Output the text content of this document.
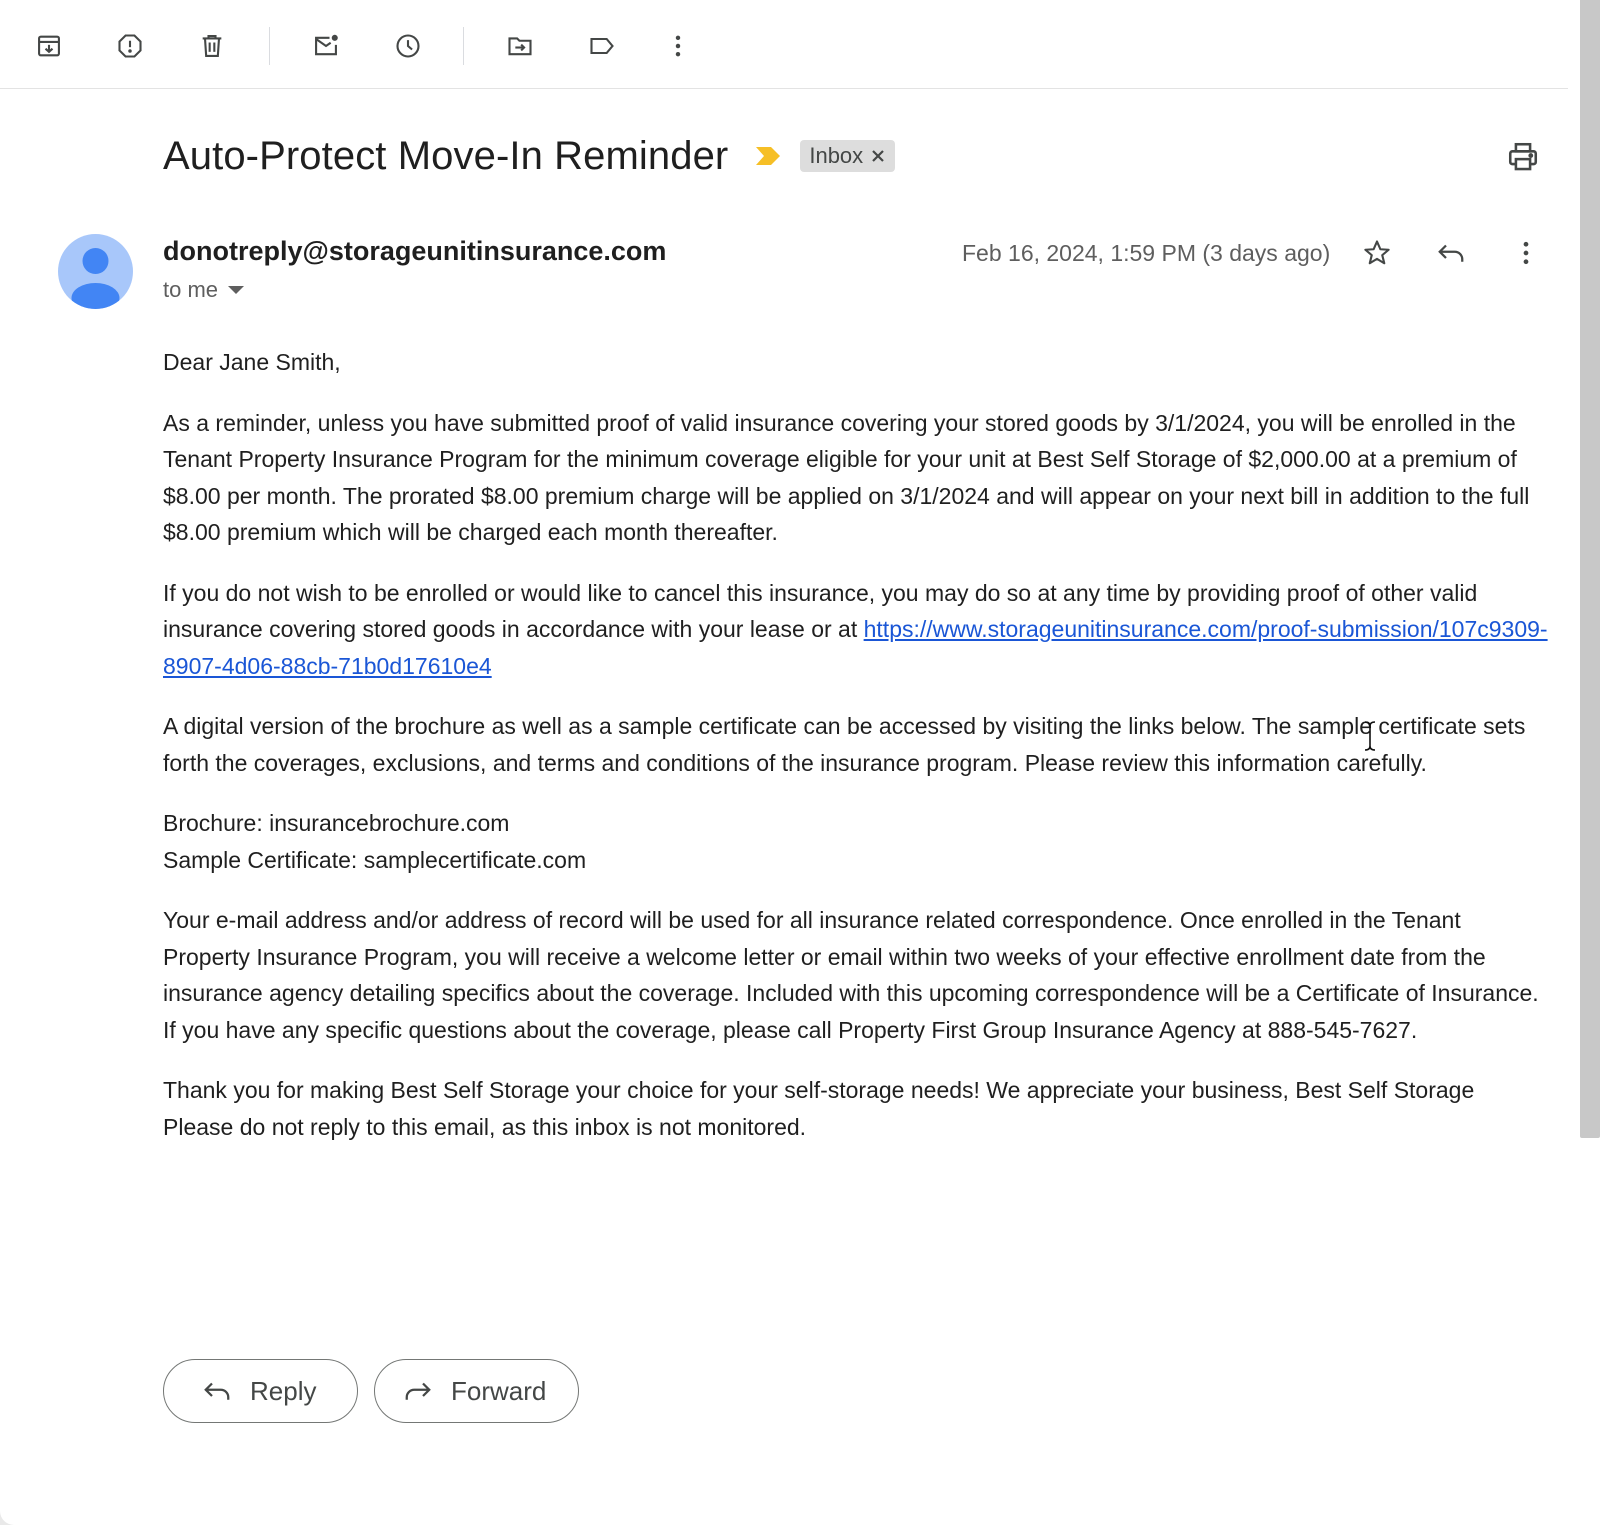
Auto-Protect Move-In Reminder	Inbox
donotreply@storageunitinsurance.com
to me
Feb 16, 2024, 1:59 PM (3 days ago)

Dear Jane Smith,

As a reminder, unless you have submitted proof of valid insurance covering your stored goods by 3/1/2024, you will be enrolled in the Tenant Property Insurance Program for the minimum coverage eligible for your unit at Best Self Storage of $2,000.00 at a premium of $8.00 per month. The prorated $8.00 premium charge will be applied on 3/1/2024 and will appear on your next bill in addition to the full $8.00 premium which will be charged each month thereafter.

If you do not wish to be enrolled or would like to cancel this insurance, you may do so at any time by providing proof of other valid insurance covering stored goods in accordance with your lease or at https://www.storageunitinsurance.com/proof-submission/107c9309-8907-4d06-88cb-71b0d17610e4

A digital version of the brochure as well as a sample certificate can be accessed by visiting the links below. The sample certificate sets forth the coverages, exclusions, and terms and conditions of the insurance program. Please review this information carefully.

Brochure: insurancebrochure.com
Sample Certificate: samplecertificate.com

Your e-mail address and/or address of record will be used for all insurance related correspondence. Once enrolled in the Tenant Property Insurance Program, you will receive a welcome letter or email within two weeks of your effective enrollment date from the insurance agency detailing specifics about the coverage. Included with this upcoming correspondence will be a Certificate of Insurance. If you have any specific questions about the coverage, please call Property First Group Insurance Agency at 888-545-7627.

Thank you for making Best Self Storage your choice for your self-storage needs! We appreciate your business, Best Self Storage Please do not reply to this email, as this inbox is not monitored.

Reply	Forward
